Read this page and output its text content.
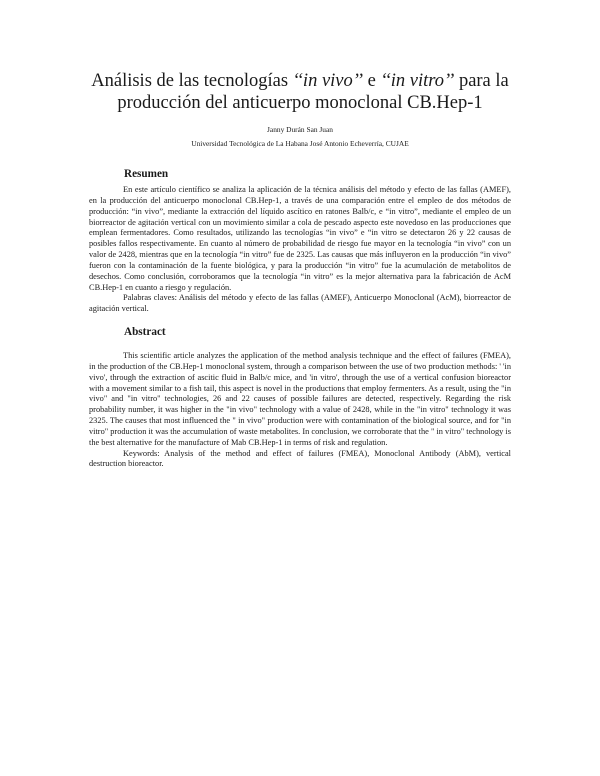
Análisis de las tecnologías ‘‘in vivo’’ e ‘‘in vitro’’ para la producción del anticuerpo monoclonal CB.Hep-1
Janny Durán San Juan
Universidad Tecnológica de La Habana José Antonio Echeverría, CUJAE
Resumen

En este artículo científico se analiza la aplicación de la técnica análisis del método y efecto de las fallas (AMEF), en la producción del anticuerpo monoclonal CB.Hep-1, a través de una comparación entre el empleo de dos métodos de producción: “in vivo”, mediante la extracción del líquido ascítico en ratones Balb/c, e “in vitro”, mediante el empleo de un biorreactor de agitación vertical con un movimiento similar a cola de pescado aspecto este novedoso en las producciones que emplean fermentadores. Como resultados, utilizando las tecnologías “in vivo” e “in vitro se detectaron 26 y 22 causas de posibles fallos respectivamente. En cuanto al número de probabilidad de riesgo fue mayor en la tecnología “in vivo” con un valor de 2428, mientras que en la tecnología “in vitro” fue de 2325. Las causas que más influyeron en la producción “in vivo” fueron con la contaminación de la fuente biológica, y para la producción “in vitro” fue la acumulación de metabolitos de desechos. Como conclusión, corroboramos que la tecnología “in vitro” es la mejor alternativa para la fabricación de AcM CB.Hep-1 en cuanto a riesgo y regulación.

Palabras claves: Análisis del método y efecto de las fallas (AMEF), Anticuerpo Monoclonal (AcM), biorreactor de agitación vertical.

Abstract

This scientific article analyzes the application of the method analysis technique and the effect of failures (FMEA), in the production of the CB.Hep-1 monoclonal system, through a comparison between the use of two production methods: ' 'in vivo', through the extraction of ascitic fluid in Balb/c mice, and 'in vitro', through the use of a vertical confusion bioreactor with a movement similar to a fish tail, this aspect is novel in the productions that employ fermenters. As a result, using the "in vivo" and "in vitro" technologies, 26 and 22 causes of possible failures are detected, respectively. Regarding the risk probability number, it was higher in the "in vivo" technology with a value of 2428, while in the "in vitro" technology it was 2325. The causes that most influenced the " in vivo" production were with contamination of the biological source, and for "in vitro" production it was the accumulation of waste metabolites. In conclusion, we corroborate that the " in vitro" technology is the best alternative for the manufacture of Mab CB.Hep-1 in terms of risk and regulation.

Keywords: Analysis of the method and effect of failures (FMEA), Monoclonal Antibody (AbM), vertical destruction bioreactor.
